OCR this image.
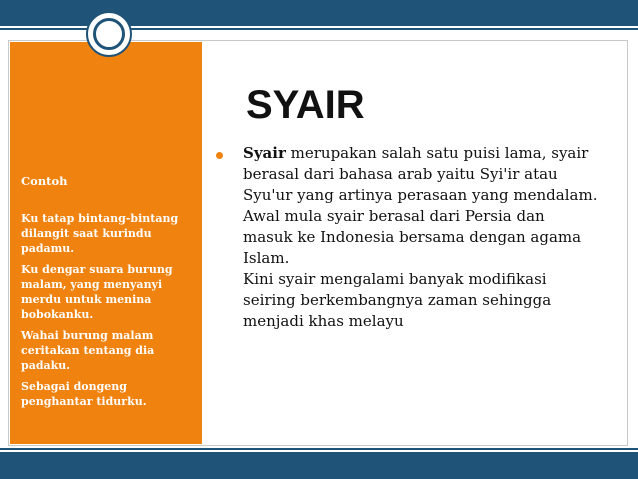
Contoh

Ku tatap bintang-bintang
dilangit saat kurindu
padamu.

Ku dengar suara burung
malam, yang menyanyi
merdu untuk menina
bobokanku.

Wahai burung malam
ceritakan tentang dia
padaku.

Sebagai dongeng
penghantar tidurku.

SYAIR
Syair merupakan salah satu puisi lama, syair
berasal dari bahasa arab yaitu Syi'ir atau
Syu'ur yang artinya perasaan yang mendalam.
Awal mula syair berasal dari Persia dan
masuk ke Indonesia bersama dengan agama
Islam.
Kini syair mengalami banyak modifikasi
seiring berkembangnya zaman sehingga
menjadi khas melayu
